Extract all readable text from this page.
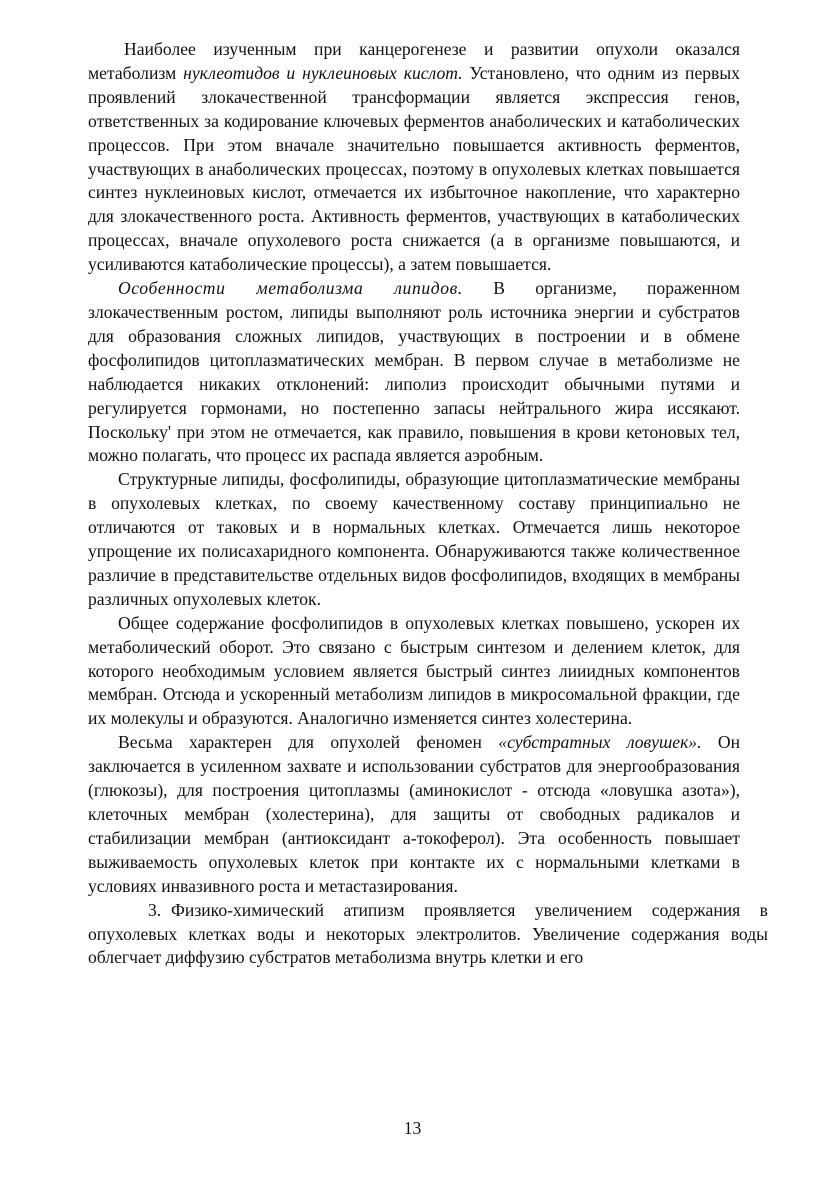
Наиболее изученным при канцерогенезе и развитии опухоли оказался метаболизм нуклеотидов и нуклеиновых кислот. Установлено, что одним из первых проявлений злокачественной трансформации является экспрессия генов, ответственных за кодирование ключевых ферментов анаболических и катаболических процессов. При этом вначале значительно повышается активность ферментов, участвующих в анаболических процессах, поэтому в опухолевых клетках повышается синтез нуклеиновых кислот, отмечается их избыточное накопление, что характерно для злокачественного роста. Активность ферментов, участвующих в катаболических процессах, вначале опухолевого роста снижается (а в организме повышаются, и усиливаются катаболические процессы), а затем повышается.

Особенности метаболизма липидов. В организме, пораженном злокачественным ростом, липиды выполняют роль источника энергии и субстратов для образования сложных липидов, участвующих в построении и в обмене фосфолипидов цитоплазматических мембран. В первом случае в метаболизме не наблюдается никаких отклонений: липолиз происходит обычными путями и регулируется гормонами, но постепенно запасы нейтрального жира иссякают. Поскольку' при этом не отмечается, как правило, повышения в крови кетоновых тел, можно полагать, что процесс их распада является аэробным.

Структурные липиды, фосфолипиды, образующие цитоплазматические мембраны в опухолевых клетках, по своему качественному составу принципиально не отличаются от таковых и в нормальных клетках. Отмечается лишь некоторое упрощение их полисахаридного компонента. Обнаруживаются также количественное различие в представительстве отдельных видов фосфолипидов, входящих в мембраны различных опухолевых клеток.

Общее содержание фосфолипидов в опухолевых клетках повышено, ускорен их метаболический оборот. Это связано с быстрым синтезом и делением клеток, для которого необходимым условием является быстрый синтез лииидных компонентов мембран. Отсюда и ускоренный метаболизм липидов в микросомальной фракции, где их молекулы и образуются. Аналогично изменяется синтез холестерина.

Весьма характерен для опухолей феномен «субстратных ловушек». Он заключается в усиленном захвате и использовании субстратов для энергообразования (глюкозы), для построения цитоплазмы (аминокислот - отсюда «ловушка азота»), клеточных мембран (холестерина), для защиты от свободных радикалов и стабилизации мембран (антиоксидант а-токоферол). Эта особенность повышает выживаемость опухолевых клеток при контакте их с нормальными клетками в условиях инвазивного роста и метастазирования.

3. Физико-химический атипизм проявляется увеличением содержания в опухолевых клетках воды и некоторых электролитов. Увеличение содержания воды облегчает диффузию субстратов метаболизма внутрь клетки и его

13
